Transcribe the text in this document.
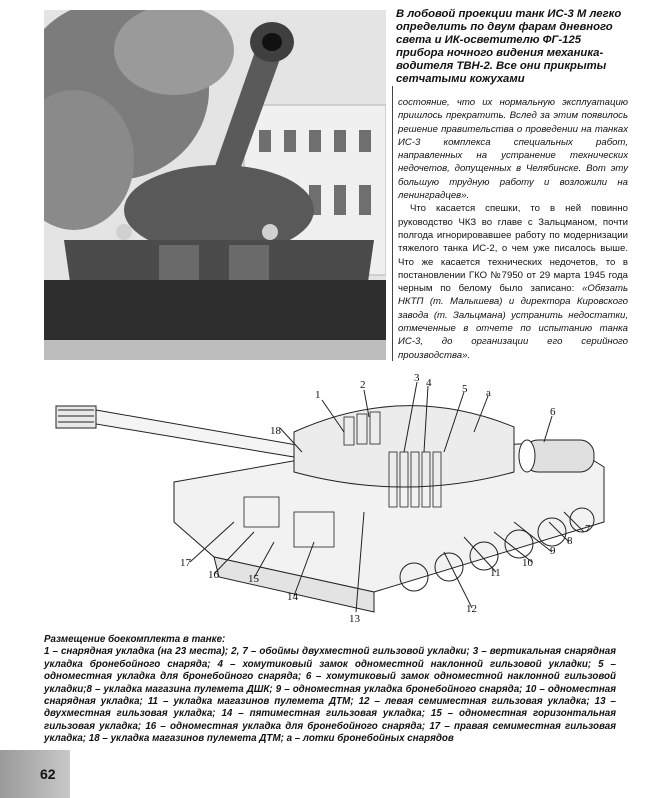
В лобовой проекции танк ИС-3 М легко определить по двум фарам дневного света и ИК-осветителю ФГ-125 прибора ночного видения механика-водителя ТВН-2. Все они прикрыты сетчатыми кожухами

состояние, что их нормальную эксплуатацию пришлось прекратить. Вслед за этим появилось решение правительства о проведении на танках ИС-3 комплекса специальных работ, направленных на устранение технических недочетов, допущенных в Челябинске. Вот эту большую трудную работу и возложили на ленинградцев».

Что касается спешки, то в ней повинно руководство ЧКЗ во главе с Зальцманом, почти полгода игнорировавшее работу по модернизации тяжелого танка ИС-2, о чем уже писалось выше. Что же касается технических недочетов, то в постановлении ГКО №7950 от 29 марта 1945 года черным по белому было записано: «Обязать НКТП (т. Малышева) и директора Кировского завода (т. Зальцмана) устранить недостатки, отмеченные в отчете по испытанию танка ИС-3, до организации его серийного производства».

1
2
3 4	5 а
6
7
8
9
10
11
12
13
14
15
16
17
18
Размещение боекомплекта в танке:
1 – снарядная укладка (на 23 места); 2, 7 – обоймы двухместной гильзовой укладки; 3 – вертикальная снарядная укладка бронебойного снаряда; 4 – хомутиковый замок одноместной наклонной гильзовой укладки; 5 – одноместная укладка для бронебойного снаряда; 6 – хомутиковый замок одноместной наклонной гильзовой укладки;8 – укладка магазина пулемета ДШК; 9 – одноместная укладка бронебойного снаряда; 10 – одноместная снарядная укладка; 11 – укладка магазинов пулемета ДТМ; 12 – левая семиместная гильзовая укладка; 13 – двухместная гильзовая укладка; 14 – пятиместная гильзовая укладка; 15 – одноместная горизонтальная гильзовая укладка; 16 – одноместная укладка для бронебойного снаряда; 17 – правая семиместная гильзовая укладка; 18 – укладка магазинов пулемета ДТМ; а – лотки бронебойных снарядов
62
